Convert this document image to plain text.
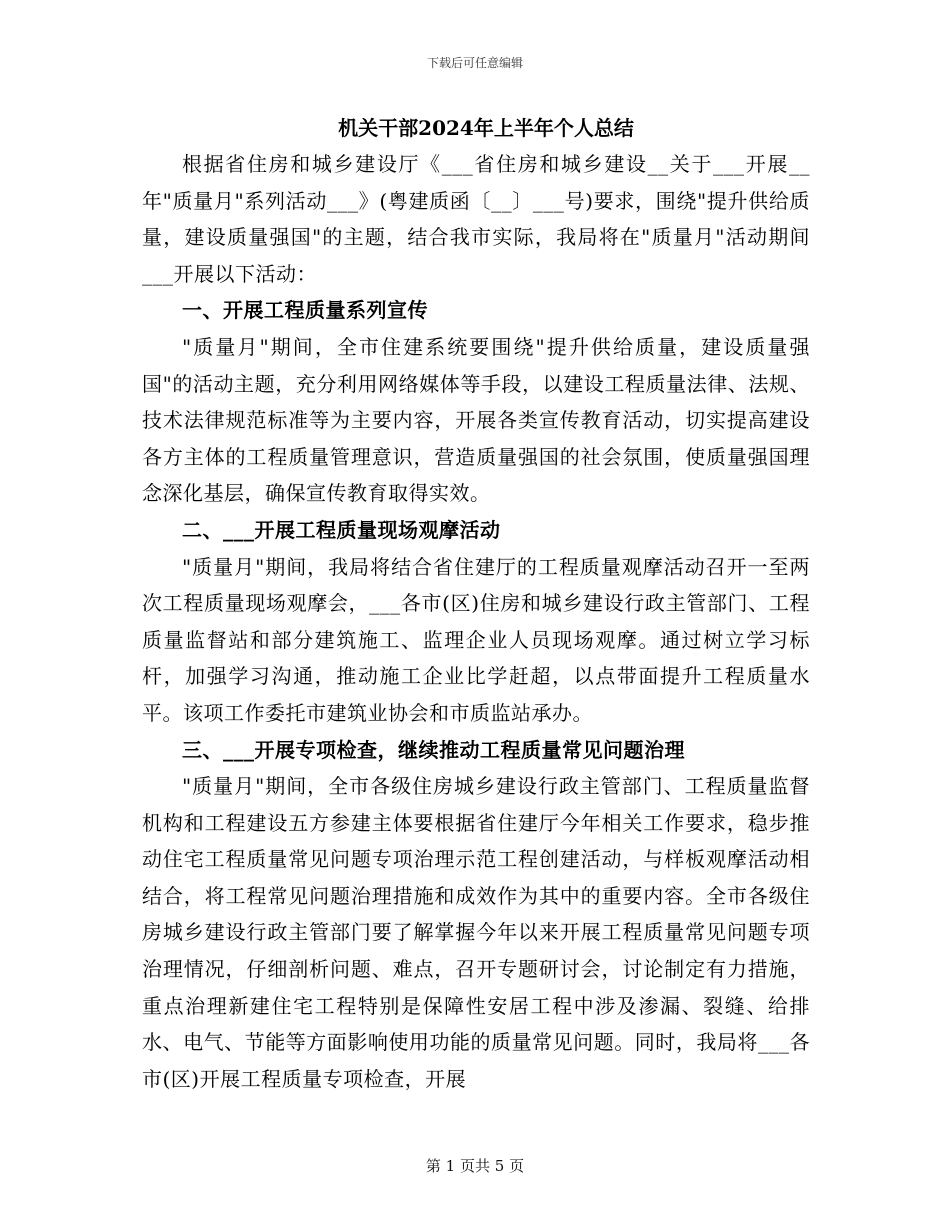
下载后可任意编辑
机关干部2024年上半年个人总结

根据省住房和城乡建设厅《___省住房和城乡建设__关于___开展__年"质量月"系列活动___》(粤建质函〔__〕___号)要求，围绕"提升供给质量，建设质量强国"的主题，结合我市实际，我局将在"质量月"活动期间___开展以下活动：

一、开展工程质量系列宣传

"质量月"期间，全市住建系统要围绕"提升供给质量，建设质量强国"的活动主题，充分利用网络媒体等手段，以建设工程质量法律、法规、技术法律规范标准等为主要内容，开展各类宣传教育活动，切实提高建设各方主体的工程质量管理意识，营造质量强国的社会氛围，使质量强国理念深化基层，确保宣传教育取得实效。

二、___开展工程质量现场观摩活动

"质量月"期间，我局将结合省住建厅的工程质量观摩活动召开一至两次工程质量现场观摩会，___各市(区)住房和城乡建设行政主管部门、工程质量监督站和部分建筑施工、监理企业人员现场观摩。通过树立学习标杆，加强学习沟通，推动施工企业比学赶超，以点带面提升工程质量水平。该项工作委托市建筑业协会和市质监站承办。

三、___开展专项检查，继续推动工程质量常见问题治理

"质量月"期间，全市各级住房城乡建设行政主管部门、工程质量监督机构和工程建设五方参建主体要根据省住建厅今年相关工作要求，稳步推动住宅工程质量常见问题专项治理示范工程创建活动，与样板观摩活动相结合，将工程常见问题治理措施和成效作为其中的重要内容。全市各级住房城乡建设行政主管部门要了解掌握今年以来开展工程质量常见问题专项治理情况，仔细剖析问题、难点，召开专题研讨会，讨论制定有力措施，重点治理新建住宅工程特别是保障性安居工程中涉及渗漏、裂缝、给排水、电气、节能等方面影响使用功能的质量常见问题。同时，我局将___各市(区)开展工程质量专项检查，开展

第 1 页共 5 页
